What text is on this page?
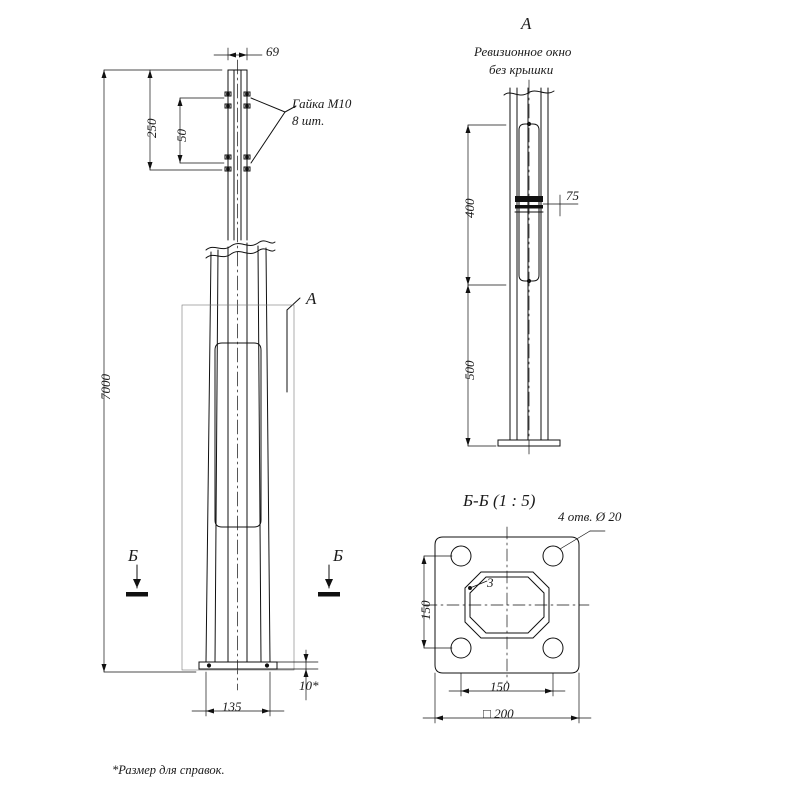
7000
250 50
69
135
10*
Гайка М10
8 шт.
А
Б	Б
А
Ревизионное окно
без крышки
400
500
75
Б-Б (1 : 5)
4 отв. Ø 20
3
150
150
□ 200
*Размер для справок.
